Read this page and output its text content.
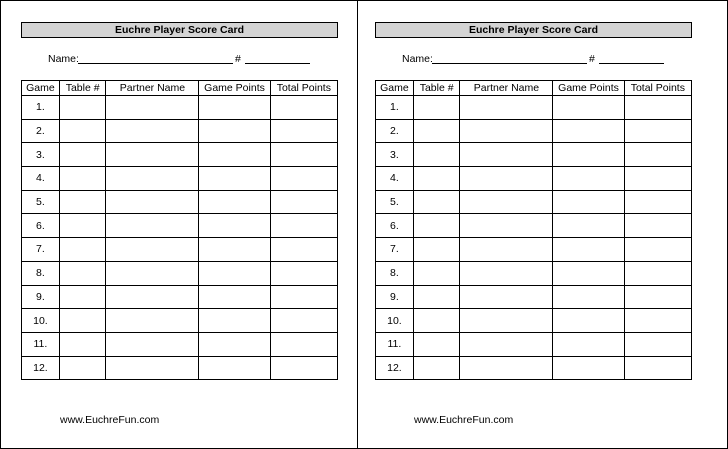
Euchre Player Score Card
Name:	#
Game	Table #	Partner Name	Game Points	Total Points
1.				
2.				
3.				
4.				
5.				
6.				
7.				
8.				
9.				
10.				
11.				
12.				
www.EuchreFun.com
Euchre Player Score Card
Name:	#
Game	Table #	Partner Name	Game Points	Total Points
1.				
2.				
3.				
4.				
5.				
6.				
7.				
8.				
9.				
10.				
11.				
12.				
www.EuchreFun.com
